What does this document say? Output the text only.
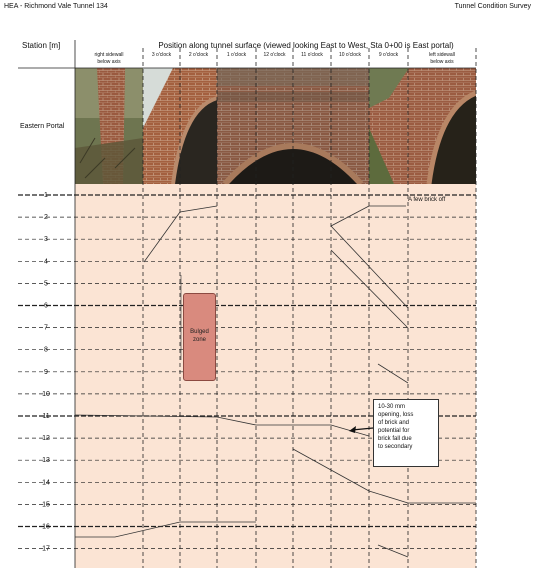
HEA - Richmond Vale Tunnel 134	Tunnel Condition Survey
Station [m]	Position along tunnel surface (viewed looking East to West, Sta 0+00 is East portal)
right sidewall
below axis
3 o'clock	2 o'clock	1 o'clock	12 o'clock	11 o'clock	10 o'clock	9 o'clock	left sidewall
below axis
Eastern Portal
1
2
3
4
5
6
7
8
9
10
11
12
13
14
15
16
17
A few brick off
Bulged
zone
10-30 mm
opening, loss
of brick and
potential for
brick fall due
to secondary
